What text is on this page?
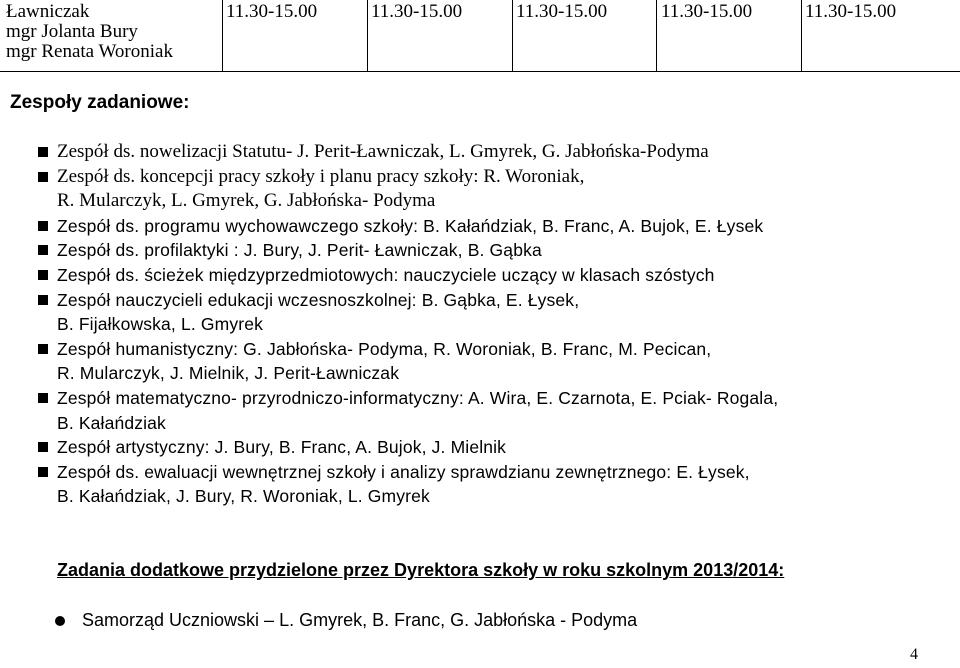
Ławniczak
mgr Jolanta Bury
mgr Renata Woroniak
11.30-15.00	11.30-15.00	11.30-15.00	11.30-15.00	11.30-15.00
Zespoły zadaniowe:
Zespół ds. nowelizacji Statutu- J. Perit-Ławniczak, L. Gmyrek, G. Jabłońska-Podyma
Zespół ds. koncepcji pracy szkoły i planu pracy szkoły: R. Woroniak,
R. Mularczyk, L. Gmyrek, G. Jabłońska- Podyma
Zespół ds. programu wychowawczego szkoły: B. Kałańdziak, B. Franc, A. Bujok, E. Łysek
Zespół ds. profilaktyki : J. Bury, J. Perit- Ławniczak, B. Gąbka
Zespół ds. ścieżek międzyprzedmiotowych: nauczyciele uczący w klasach szóstych
Zespół nauczycieli edukacji wczesnoszkolnej: B. Gąbka, E. Łysek,
B. Fijałkowska, L. Gmyrek
Zespół humanistyczny: G. Jabłońska- Podyma, R. Woroniak, B. Franc, M. Pecican,
R. Mularczyk, J. Mielnik, J. Perit-Ławniczak
Zespół matematyczno- przyrodniczo-informatyczny: A. Wira, E. Czarnota, E. Pciak- Rogala,
B. Kałańdziak
Zespół artystyczny: J. Bury, B. Franc, A. Bujok, J. Mielnik
Zespół ds. ewaluacji wewnętrznej szkoły i analizy sprawdzianu zewnętrznego: E. Łysek,
B. Kałańdziak, J. Bury, R. Woroniak, L. Gmyrek
Zadania dodatkowe przydzielone przez Dyrektora szkoły w roku szkolnym 2013/2014:
Samorząd Uczniowski – L. Gmyrek, B. Franc, G. Jabłońska - Podyma
4
